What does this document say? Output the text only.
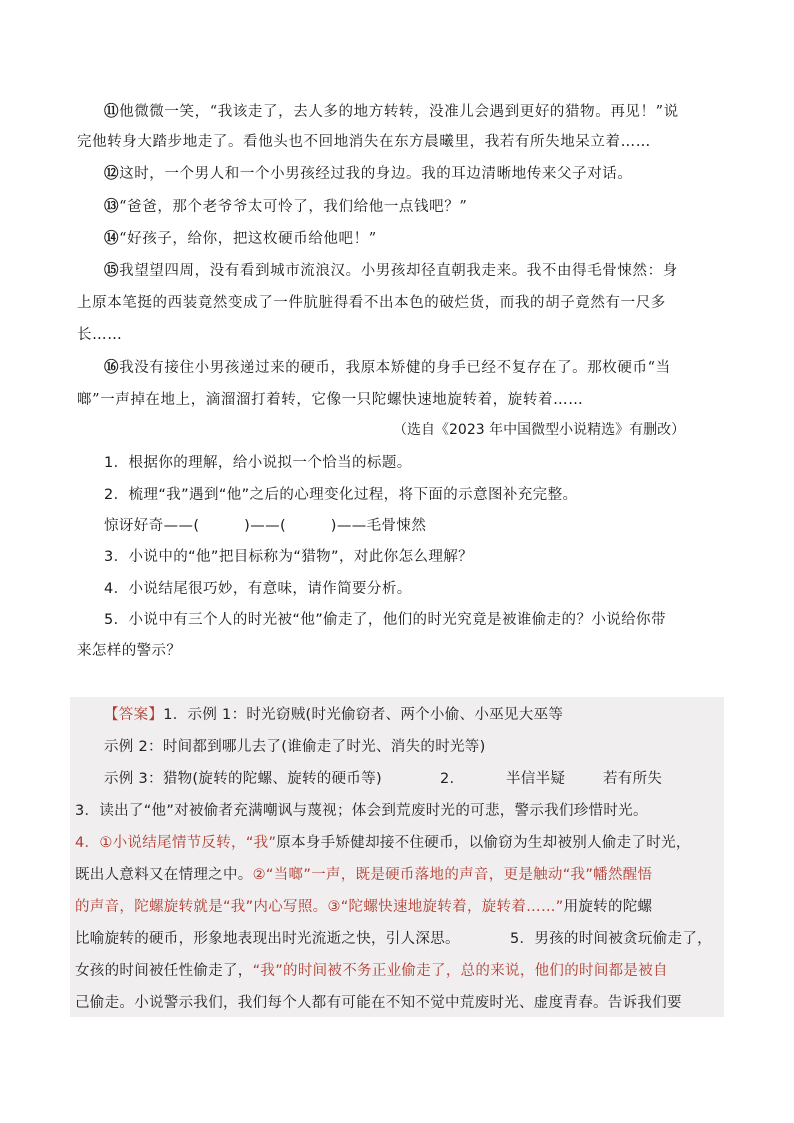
⑪他微微一笑，“我该走了，去人多的地方转转，没准儿会遇到更好的猎物。再见！”说
完他转身大踏步地走了。看他头也不回地消失在东方晨曦里，我若有所失地呆立着……
⑫这时，一个男人和一个小男孩经过我的身边。我的耳边清晰地传来父子对话。
⑬“爸爸，那个老爷爷太可怜了，我们给他一点钱吧？”
⑭“好孩子，给你，把这枚硬币给他吧！”
⑮我望望四周，没有看到城市流浪汉。小男孩却径直朝我走来。我不由得毛骨悚然：身
上原本笔挺的西装竟然变成了一件肮脏得看不出本色的破烂货，而我的胡子竟然有一尺多
长……
⑯我没有接住小男孩递过来的硬币，我原本矫健的身手已经不复存在了。那枚硬币“当
啷”一声掉在地上，滴溜溜打着转，它像一只陀螺快速地旋转着，旋转着……
（选自《2023 年中国微型小说精选》有删改）
1．根据你的理解，给小说拟一个恰当的标题。
2．梳理“我”遇到“他”之后的心理变化过程，将下面的示意图补充完整。
惊讶好奇——(　　　)——(　　　)——毛骨悚然
3．小说中的“他”把目标称为“猎物”，对此你怎么理解？
4．小说结尾很巧妙，有意味，请作简要分析。
5．小说中有三个人的时光被“他”偷走了，他们的时光究竟是被谁偷走的？小说给你带
来怎样的警示？
【答案】1．示例 1：时光窃贼(时光偷窃者、两个小偷、小巫见大巫等
示例 2：时间都到哪儿去了(谁偷走了时光、消失的时光等)
示例 3：猎物(旋转的陀螺、旋转的硬币等)	2.	半信半疑	若有所失
3．读出了“他”对被偷者充满嘲讽与蔑视；体会到荒废时光的可悲，警示我们珍惜时光。
4．①小说结尾情节反转，“我”原本身手矫健却接不住硬币，以偷窃为生却被别人偷走了时光，
既出人意料又在情理之中。②“当啷”一声，既是硬币落地的声音，更是触动“我”幡然醒悟
的声音，陀螺旋转就是“我”内心写照。③“陀螺快速地旋转着，旋转着……”用旋转的陀螺
比喻旋转的硬币，形象地表现出时光流逝之快，引人深思。	5．男孩的时间被贪玩偷走了，
女孩的时间被任性偷走了，“我”的时间被不务正业偷走了，总的来说，他们的时间都是被自
己偷走。小说警示我们，我们每个人都有可能在不知不觉中荒废时光、虚度青春。告诉我们要
